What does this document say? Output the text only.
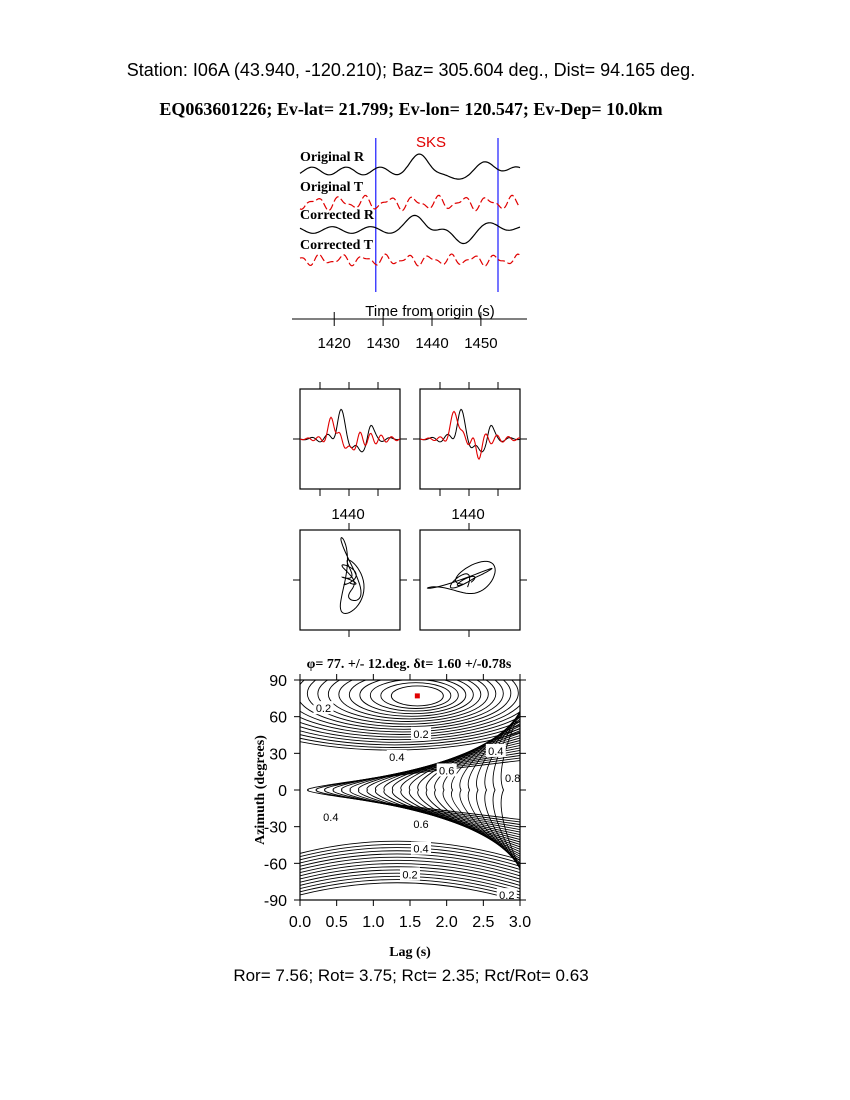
Station: I06A (43.940, -120.210); Baz= 305.604 deg., Dist= 94.165 deg.
EQ063601226; Ev-lat= 21.799; Ev-lon= 120.547; Ev-Dep= 10.0km
SKS
Original R
Original T
Corrected R
Corrected T
Time from origin (s)
1420 1430 1440 1450
1440	1440
φ= 77. +/- 12.deg. δt= 1.60 +/-0.78s
0.2
0.2
0.4
0.4
0.6
0.8
0.4
0.6
0.4
0.2
0.2
0.0 0.5 1.0 1.5 2.0 2.5 3.0
90
60
30
0
-30
-60
-90
Lag (s)
Azimuth (degrees)
Ror= 7.56; Rot= 3.75; Rct= 2.35; Rct/Rot= 0.63
